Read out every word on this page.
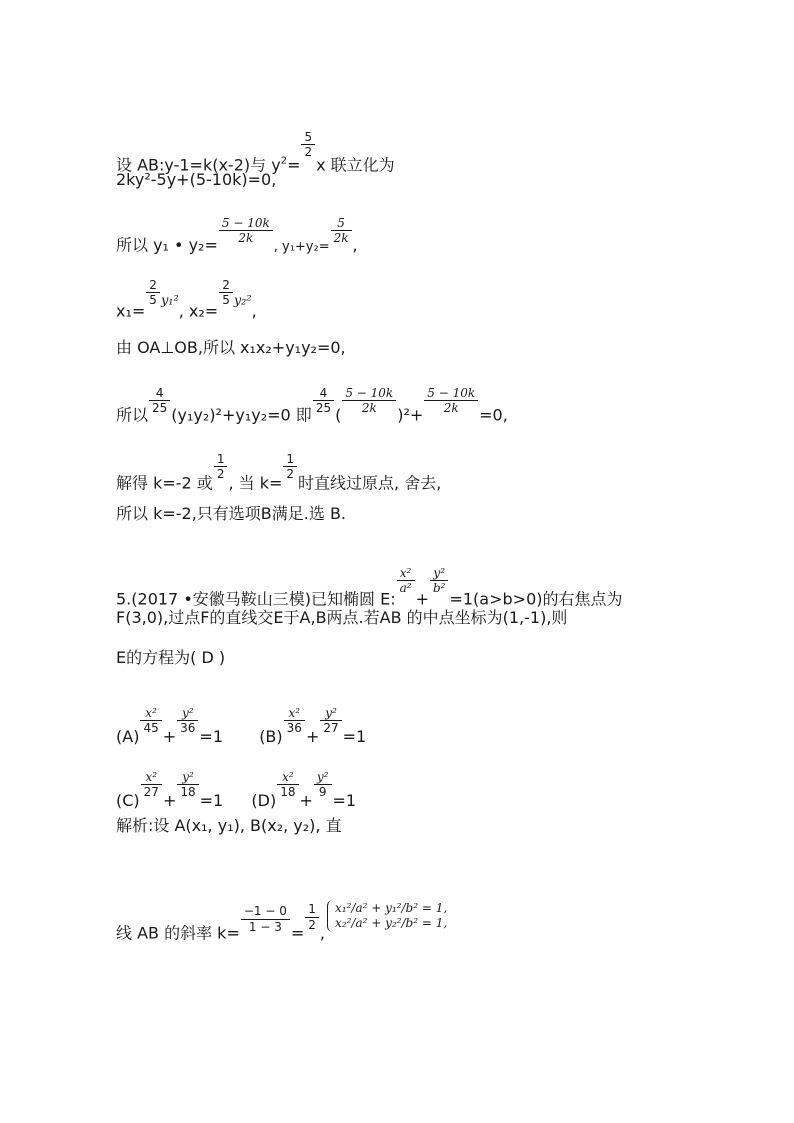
设 AB:y-1=k(x-2)与 $y^2=$
$\frac{5}{2}$
x 联立化为
2ky²-5y+(5-10k)=0,
所以 y₁ • $y_2= \frac{5 - 10k}{2k}$
, y₁+y₂=
$\frac{5}{2k}$ ,
x₁=
$\frac{2}{5} ^{y_1^2}$, x₂=
$\frac{2}{5} ^{y_2^2}$,
由 OA⊥OB,所以 x₁x₂+y₁y₂=0,
所以 $\frac{4}{25} (y_1y_2)^2+y_1y_2=0$ 即 $\frac{4}{25}$ ( $\frac{5 - 10k}{2k} )^2+ \frac{5 - 10k}{2k} =0$,
解得 k=-2 或
$\frac{1}{2}$
, 当 k=
$\frac{1}{2}$
时直线过原点, 舍去,
所以 k=-2,只有选项B满足.选 B.
5.(2017 •安徽马鞍山三模)已知椭圆 E:
$\frac{\text{x²}}{\text{a²}}$
+
$\frac{\text{y²}}{\text{b²}}$
=1(a>b>0)的右焦点为
F(3,0),过点F的直线交E于A,B两点.若AB 的中点坐标为(1,-1),则
E的方程为( D )
(A)
$\frac{\text{x²}}{45}$
+
$\frac{\text{y²}}{36}$
=1 (B)
$\frac{\text{x²}}{36}$
+
$\frac{\text{y²}}{27}$
=1
(C)
$\frac{\text{x²}}{27}$
+
$\frac{\text{y²}}{18}$
=1 (D)
$\frac{\text{x²}}{18}$
+
$\frac{\text{y²}}{9}$
=1
解析:设 A(x₁, y₁), B(x₂, y₂), 直
线 AB 的斜率 $k= \frac{-1 - 0}{1 - 3}$ =
$\frac{1}{2}$
,
x₁²/a² + y₁²/b² = 1,
x₂²/a² + y₂²/b² = 1,
